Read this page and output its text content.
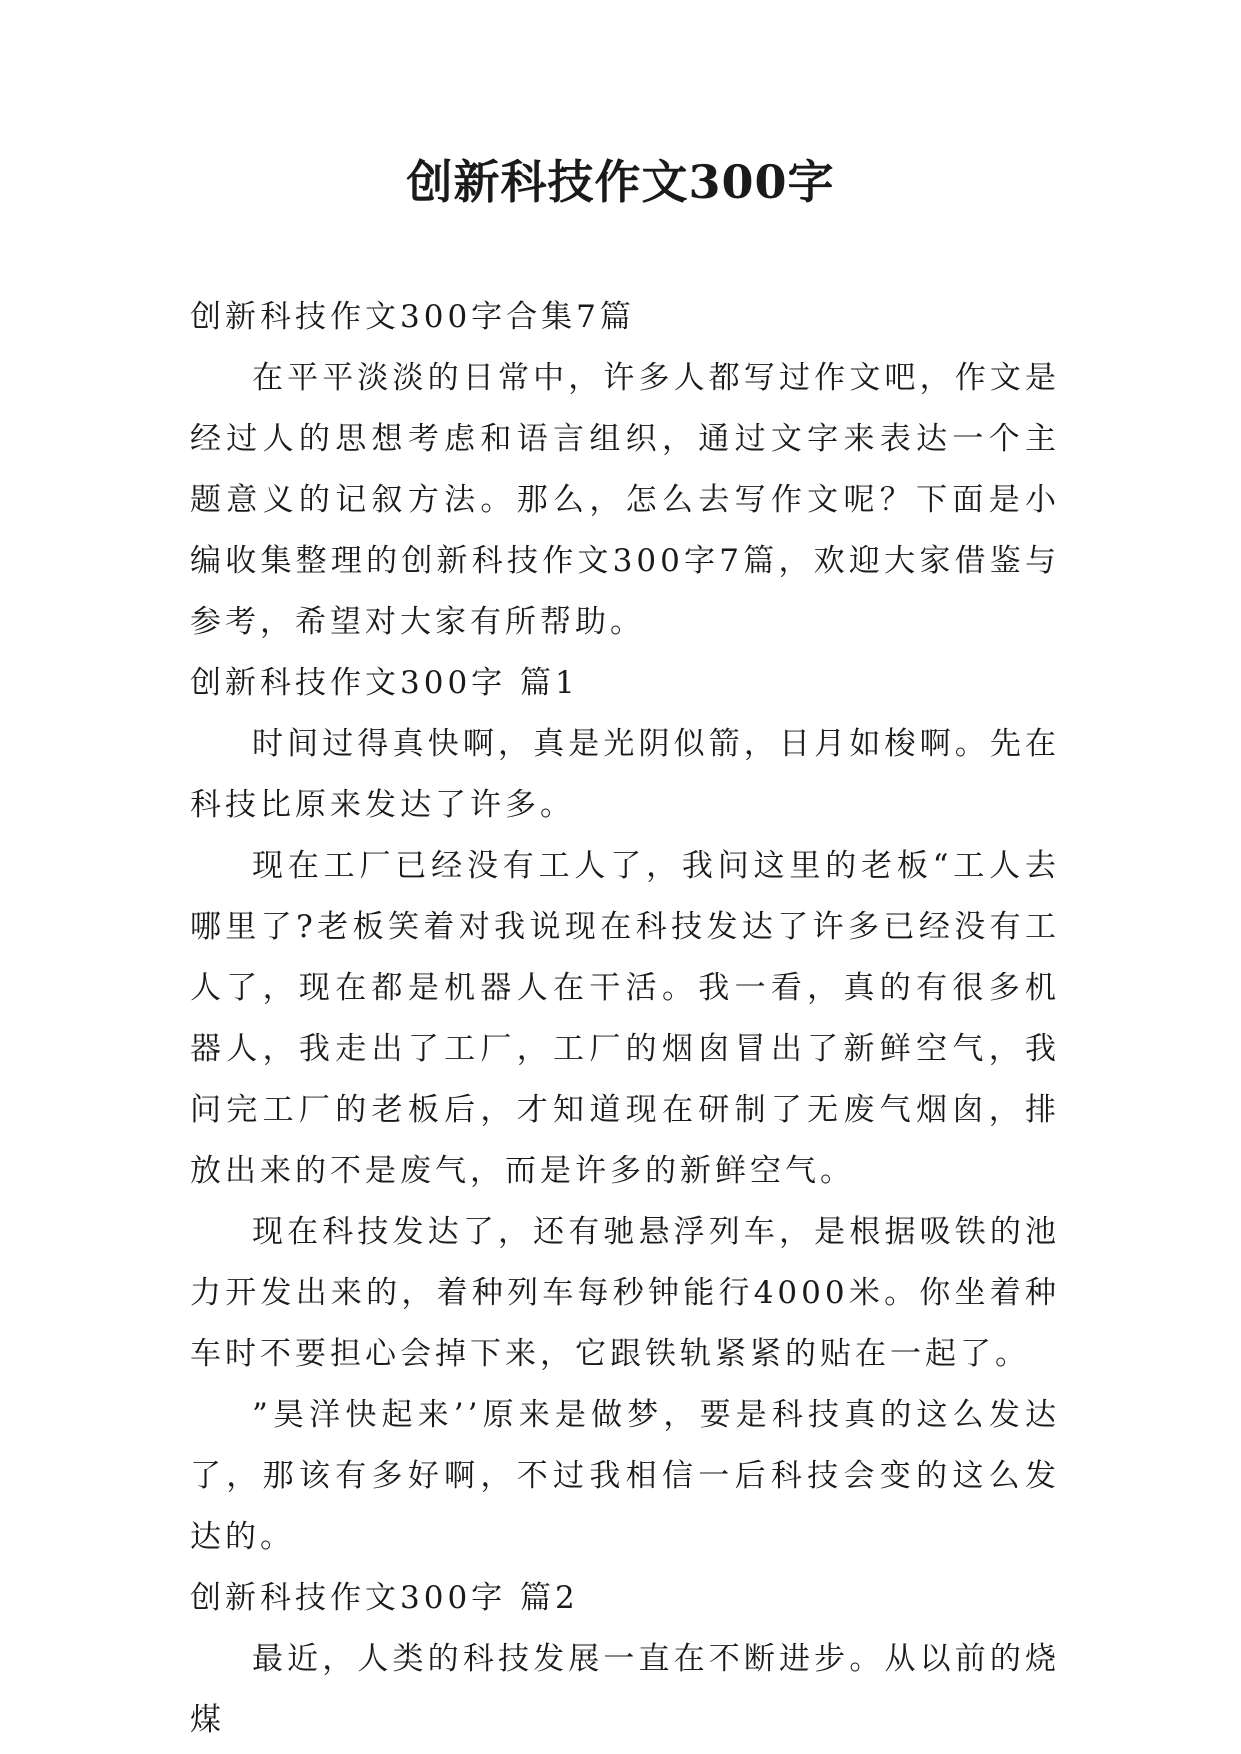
创新科技作文300字

创新科技作文300字合集7篇

在平平淡淡的日常中，许多人都写过作文吧，作文是经过人的思想考虑和语言组织，通过文字来表达一个主题意义的记叙方法。那么，怎么去写作文呢？下面是小编收集整理的创新科技作文300字7篇，欢迎大家借鉴与参考，希望对大家有所帮助。

创新科技作文300字 篇1

时间过得真快啊，真是光阴似箭，日月如梭啊。先在科技比原来发达了许多。

现在工厂已经没有工人了，我问这里的老板“工人去哪里了?老板笑着对我说现在科技发达了许多已经没有工人了，现在都是机器人在干活。我一看，真的有很多机器人，我走出了工厂，工厂的烟囱冒出了新鲜空气，我问完工厂的老板后，才知道现在研制了无废气烟囱，排放出来的不是废气，而是许多的新鲜空气。

现在科技发达了，还有驰悬浮列车，是根据吸铁的池力开发出来的，着种列车每秒钟能行4000米。你坐着种车时不要担心会掉下来，它跟铁轨紧紧的贴在一起了。

”昊洋快起来’’原来是做梦，要是科技真的这么发达了，那该有多好啊，不过我相信一后科技会变的这么发达的。

创新科技作文300字 篇2

最近，人类的科技发展一直在不断进步。从以前的烧煤
